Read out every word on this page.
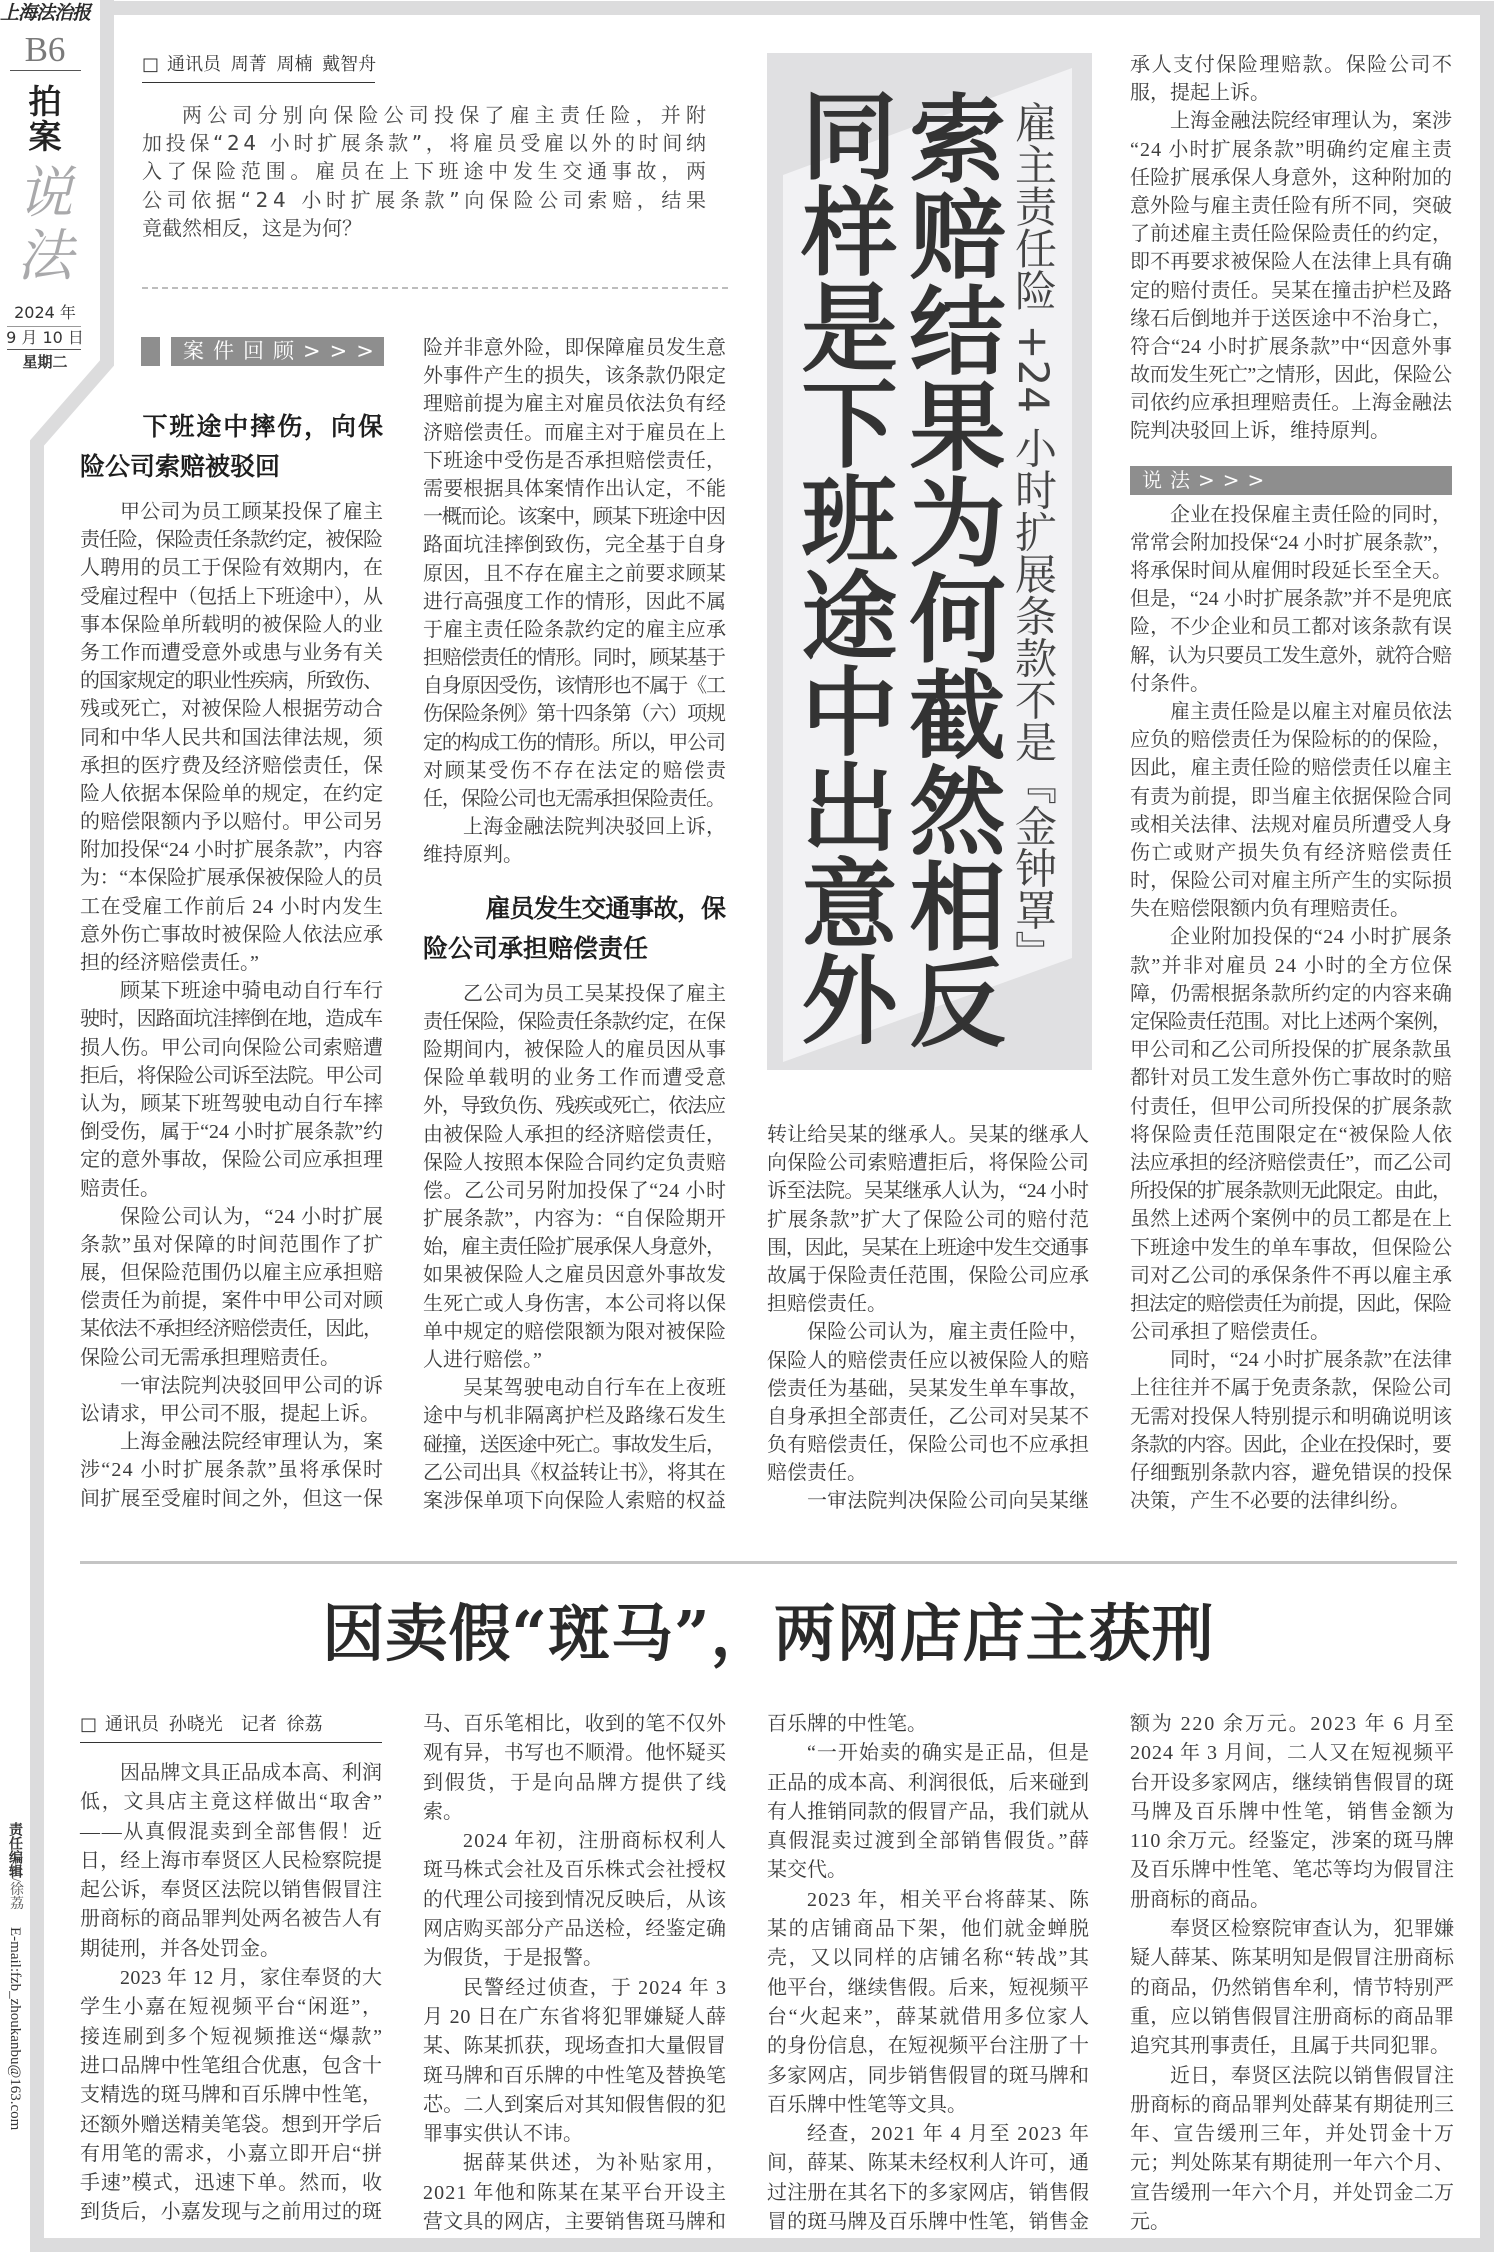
上海法治报
B6
拍
案
说
法
2024 年
9 月 10 日
星期二
责任编辑/徐荔 E-mail:fzb_zhoukanbu@163.com
□ 通讯员 周菁 周楠 戴智舟
两公司分别向保险公司投保了雇主责任险，并附
加投保“24 小时扩展条款”，将雇员受雇以外的时间纳
入了保险范围。雇员在上下班途中发生交通事故，两
公司依据“24 小时扩展条款”向保险公司索赔，结果
竟截然相反，这是为何？	雇主责任险 +24 小时扩展条款不是『金钟罩』
索赔结果为何截然相反
同样是下班途中出意外
案件回顾>>>
下班途中摔伤，向保
险公司索赔被驳回
甲公司为员工顾某投保了雇主
责任险，保险责任条款约定，被保险
人聘用的员工于保险有效期内，在
受雇过程中（包括上下班途中），从
事本保险单所载明的被保险人的业
务工作而遭受意外或患与业务有关
的国家规定的职业性疾病，所致伤、
残或死亡，对被保险人根据劳动合
同和中华人民共和国法律法规，须
承担的医疗费及经济赔偿责任，保
险人依据本保险单的规定，在约定
的赔偿限额内予以赔付。甲公司另
附加投保“24 小时扩展条款”，内容
为：“本保险扩展承保被保险人的员
工在受雇工作前后 24 小时内发生
意外伤亡事故时被保险人依法应承
担的经济赔偿责任。”
顾某下班途中骑电动自行车行
驶时，因路面坑洼摔倒在地，造成车
损人伤。甲公司向保险公司索赔遭
拒后，将保险公司诉至法院。甲公司
认为，顾某下班驾驶电动自行车摔
倒受伤，属于“24 小时扩展条款”约
定的意外事故，保险公司应承担理
赔责任。
保险公司认为，“24 小时扩展
条款”虽对保障的时间范围作了扩
展，但保险范围仍以雇主应承担赔
偿责任为前提，案件中甲公司对顾
某依法不承担经济赔偿责任，因此，
保险公司无需承担理赔责任。
一审法院判决驳回甲公司的诉
讼请求，甲公司不服，提起上诉。
上海金融法院经审理认为，案
涉“24 小时扩展条款”虽将承保时
间扩展至受雇时间之外，但这一保
险并非意外险，即保障雇员发生意
外事件产生的损失，该条款仍限定
理赔前提为雇主对雇员依法负有经
济赔偿责任。而雇主对于雇员在上
下班途中受伤是否承担赔偿责任，
需要根据具体案情作出认定，不能
一概而论。该案中，顾某下班途中因
路面坑洼摔倒致伤，完全基于自身
原因，且不存在雇主之前要求顾某
进行高强度工作的情形，因此不属
于雇主责任险条款约定的雇主应承
担赔偿责任的情形。同时，顾某基于
自身原因受伤，该情形也不属于《工
伤保险条例》第十四条第（六）项规
定的构成工伤的情形。所以，甲公司
对顾某受伤不存在法定的赔偿责
任，保险公司也无需承担保险责任。
上海金融法院判决驳回上诉，
维持原判。
雇员发生交通事故，保
险公司承担赔偿责任
乙公司为员工吴某投保了雇主
责任保险，保险责任条款约定，在保
险期间内，被保险人的雇员因从事
保险单载明的业务工作而遭受意
外，导致负伤、残疾或死亡，依法应
由被保险人承担的经济赔偿责任，
保险人按照本保险合同约定负责赔
偿。乙公司另附加投保了“24 小时
扩展条款”，内容为：“自保险期开
始，雇主责任险扩展承保人身意外，
如果被保险人之雇员因意外事故发
生死亡或人身伤害，本公司将以保
单中规定的赔偿限额为限对被保险
人进行赔偿。”
吴某驾驶电动自行车在上夜班
途中与机非隔离护栏及路缘石发生
碰撞，送医途中死亡。事故发生后，
乙公司出具《权益转让书》，将其在
案涉保单项下向保险人索赔的权益
转让给吴某的继承人。吴某的继承人
向保险公司索赔遭拒后，将保险公司
诉至法院。吴某继承人认为，“24 小时
扩展条款”扩大了保险公司的赔付范
围，因此，吴某在上班途中发生交通事
故属于保险责任范围，保险公司应承
担赔偿责任。
保险公司认为，雇主责任险中，
保险人的赔偿责任应以被保险人的赔
偿责任为基础，吴某发生单车事故，
自身承担全部责任，乙公司对吴某不
负有赔偿责任，保险公司也不应承担
赔偿责任。
一审法院判决保险公司向吴某继
承人支付保险理赔款。保险公司不
服，提起上诉。
上海金融法院经审理认为，案涉
“24 小时扩展条款”明确约定雇主责
任险扩展承保人身意外，这种附加的
意外险与雇主责任险有所不同，突破
了前述雇主责任险保险责任的约定，
即不再要求被保险人在法律上具有确
定的赔付责任。吴某在撞击护栏及路
缘石后倒地并于送医途中不治身亡，
符合“24 小时扩展条款”中“因意外事
故而发生死亡”之情形，因此，保险公
司依约应承担理赔责任。上海金融法
院判决驳回上诉，维持原判。
说法>>>
企业在投保雇主责任险的同时，
常常会附加投保“24 小时扩展条款”，
将承保时间从雇佣时段延长至全天。
但是，“24 小时扩展条款”并不是兜底
险，不少企业和员工都对该条款有误
解，认为只要员工发生意外，就符合赔
付条件。
雇主责任险是以雇主对雇员依法
应负的赔偿责任为保险标的的保险，
因此，雇主责任险的赔偿责任以雇主
有责为前提，即当雇主依据保险合同
或相关法律、法规对雇员所遭受人身
伤亡或财产损失负有经济赔偿责任
时，保险公司对雇主所产生的实际损
失在赔偿限额内负有理赔责任。
企业附加投保的“24 小时扩展条
款”并非对雇员 24 小时的全方位保
障，仍需根据条款所约定的内容来确
定保险责任范围。对比上述两个案例，
甲公司和乙公司所投保的扩展条款虽
都针对员工发生意外伤亡事故时的赔
付责任，但甲公司所投保的扩展条款
将保险责任范围限定在“被保险人依
法应承担的经济赔偿责任”，而乙公司
所投保的扩展条款则无此限定。由此，
虽然上述两个案例中的员工都是在上
下班途中发生的单车事故，但保险公
司对乙公司的承保条件不再以雇主承
担法定的赔偿责任为前提，因此，保险
公司承担了赔偿责任。
同时，“24 小时扩展条款”在法律
上往往并不属于免责条款，保险公司
无需对投保人特别提示和明确说明该
条款的内容。因此，企业在投保时，要
仔细甄别条款内容，避免错误的投保
决策，产生不必要的法律纠纷。
因卖假“斑马”，两网店店主获刑
□ 通讯员 孙晓光　记者 徐荔
因品牌文具正品成本高、利润
低，文具店主竟这样做出“取舍”
——从真假混卖到全部售假！近
日，经上海市奉贤区人民检察院提
起公诉，奉贤区法院以销售假冒注
册商标的商品罪判处两名被告人有
期徒刑，并各处罚金。
2023 年 12 月，家住奉贤的大
学生小嘉在短视频平台“闲逛”，
接连刷到多个短视频推送“爆款”
进口品牌中性笔组合优惠，包含十
支精选的斑马牌和百乐牌中性笔，
还额外赠送精美笔袋。想到开学后
有用笔的需求，小嘉立即开启“拼
手速”模式，迅速下单。然而，收
到货后，小嘉发现与之前用过的斑
马、百乐笔相比，收到的笔不仅外
观有异，书写也不顺滑。他怀疑买
到假货，于是向品牌方提供了线
索。
2024 年初，注册商标权利人
斑马株式会社及百乐株式会社授权
的代理公司接到情况反映后，从该
网店购买部分产品送检，经鉴定确
为假货，于是报警。
民警经过侦查，于 2024 年 3
月 20 日在广东省将犯罪嫌疑人薛
某、陈某抓获，现场查扣大量假冒
斑马牌和百乐牌的中性笔及替换笔
芯。二人到案后对其知假售假的犯
罪事实供认不讳。
据薛某供述，为补贴家用，
2021 年他和陈某在某平台开设主
营文具的网店，主要销售斑马牌和
百乐牌的中性笔。
“一开始卖的确实是正品，但是
正品的成本高、利润很低，后来碰到
有人推销同款的假冒产品，我们就从
真假混卖过渡到全部销售假货。”薛
某交代。
2023 年，相关平台将薛某、陈
某的店铺商品下架，他们就金蝉脱
壳，又以同样的店铺名称“转战”其
他平台，继续售假。后来，短视频平
台“火起来”，薛某就借用多位家人
的身份信息，在短视频平台注册了十
多家网店，同步销售假冒的斑马牌和
百乐牌中性笔等文具。
经查，2021 年 4 月至 2023 年
间，薛某、陈某未经权利人许可，通
过注册在其名下的多家网店，销售假
冒的斑马牌及百乐牌中性笔，销售金
额为 220 余万元。2023 年 6 月至
2024 年 3 月间，二人又在短视频平
台开设多家网店，继续销售假冒的斑
马牌及百乐牌中性笔，销售金额为
110 余万元。经鉴定，涉案的斑马牌
及百乐牌中性笔、笔芯等均为假冒注
册商标的商品。
奉贤区检察院审查认为，犯罪嫌
疑人薛某、陈某明知是假冒注册商标
的商品，仍然销售牟利，情节特别严
重，应以销售假冒注册商标的商品罪
追究其刑事责任，且属于共同犯罪。
近日，奉贤区法院以销售假冒注
册商标的商品罪判处薛某有期徒刑三
年、宣告缓刑三年，并处罚金十万
元；判处陈某有期徒刑一年六个月、
宣告缓刑一年六个月，并处罚金二万
元。
